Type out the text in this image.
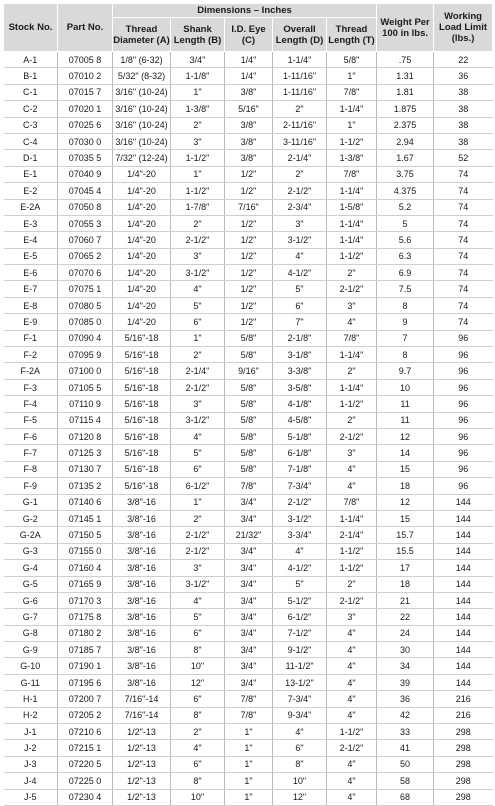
Stock No.	Part No.	Dimensions – Inches					Weight Per 100 in lbs.	Working Load Limit (lbs.)
		Thread Diameter (A)	Shank Length (B)	I.D. Eye (C)	Overall Length (D)	Thread Length (T)		
A-1	07005 8	1/8" (6-32)	3/4"	1/4"	1-1/4"	5/8"	.75	22
B-1	07010 2	5/32" (8-32)	1-1/8"	1/4"	1-11/16"	1"	1.31	36
C-1	07015 7	3/16" (10-24)	1"	3/8"	1-11/16"	7/8"	1.81	38
C-2	07020 1	3/16" (10-24)	1-3/8"	5/16"	2"	1-1/4"	1.875	38
C-3	07025 6	3/16" (10-24)	2"	3/8"	2-11/16"	1"	2.375	38
C-4	07030 0	3/16" (10-24)	3"	3/8"	3-11/16"	1-1/2"	2.94	38
D-1	07035 5	7/32" (12-24)	1-1/2"	3/8"	2-1/4"	1-3/8"	1.67	52
E-1	07040 9	1/4"-20	1"	1/2"	2"	7/8"	3.75	74
E-2	07045 4	1/4"-20	1-1/2"	1/2"	2-1/2"	1-1/4"	4.375	74
E-2A	07050 8	1/4"-20	1-7/8"	7/16"	2-3/4"	1-5/8"	5.2	74
E-3	07055 3	1/4"-20	2"	1/2"	3"	1-1/4"	5	74
E-4	07060 7	1/4"-20	2-1/2"	1/2"	3-1/2"	1-1/4"	5.6	74
E-5	07065 2	1/4"-20	3"	1/2"	4"	1-1/2"	6.3	74
E-6	07070 6	1/4"-20	3-1/2"	1/2"	4-1/2"	2"	6.9	74
E-7	07075 1	1/4"-20	4"	1/2"	5"	2-1/2"	7.5	74
E-8	07080 5	1/4"-20	5"	1/2"	6"	3"	8	74
E-9	07085 0	1/4"-20	6"	1/2"	7"	4"	9	74
F-1	07090 4	5/16"-18	1"	5/8"	2-1/8"	7/8"	7	96
F-2	07095 9	5/16"-18	2"	5/8"	3-1/8"	1-1/4"	8	96
F-2A	07100 0	5/16"-18	2-1/4"	9/16"	3-3/8"	2"	9.7	96
F-3	07105 5	5/16"-18	2-1/2"	5/8"	3-5/8"	1-1/4"	10	96
F-4	07110 9	5/16"-18	3"	5/8"	4-1/8"	1-1/2"	11	96
F-5	07115 4	5/16"-18	3-1/2"	5/8"	4-5/8"	2"	11	96
F-6	07120 8	5/16"-18	4"	5/8"	5-1/8"	2-1/2"	12	96
F-7	07125 3	5/16"-18	5"	5/8"	6-1/8"	3"	14	96
F-8	07130 7	5/16"-18	6"	5/8"	7-1/8"	4"	15	96
F-9	07135 2	5/16"-18	6-1/2"	7/8"	7-3/4"	4"	18	96
G-1	07140 6	3/8"-16	1"	3/4"	2-1/2"	7/8"	12	144
G-2	07145 1	3/8"-16	2"	3/4"	3-1/2"	1-1/4"	15	144
G-2A	07150 5	3/8"-16	2-1/2"	21/32"	3-3/4"	2-1/4"	15.7	144
G-3	07155 0	3/8"-16	2-1/2"	3/4"	4"	1-1/2"	15.5	144
G-4	07160 4	3/8"-16	3"	3/4"	4-1/2"	1-1/2"	17	144
G-5	07165 9	3/8"-16	3-1/2"	3/4"	5"	2"	18	144
G-6	07170 3	3/8"-16	4"	3/4"	5-1/2"	2-1/2"	21	144
G-7	07175 8	3/8"-16	5"	3/4"	6-1/2"	3"	22	144
G-8	07180 2	3/8"-16	6"	3/4"	7-1/2"	4"	24	144
G-9	07185 7	3/8"-16	8"	3/4"	9-1/2"	4"	30	144
G-10	07190 1	3/8"-16	10"	3/4"	11-1/2"	4"	34	144
G-11	07195 6	3/8"-16	12"	3/4"	13-1/2"	4"	39	144
H-1	07200 7	7/16"-14	6"	7/8"	7-3/4"	4"	36	216
H-2	07205 2	7/16"-14	8"	7/8"	9-3/4"	4"	42	216
J-1	07210 6	1/2"-13	2"	1"	4"	1-1/2"	33	298
J-2	07215 1	1/2"-13	4"	1"	6"	2-1/2"	41	298
J-3	07220 5	1/2"-13	6"	1"	8"	4"	50	298
J-4	07225 0	1/2"-13	8"	1"	10"	4"	58	298
J-5	07230 4	1/2"-13	10"	1"	12"	4"	68	298
